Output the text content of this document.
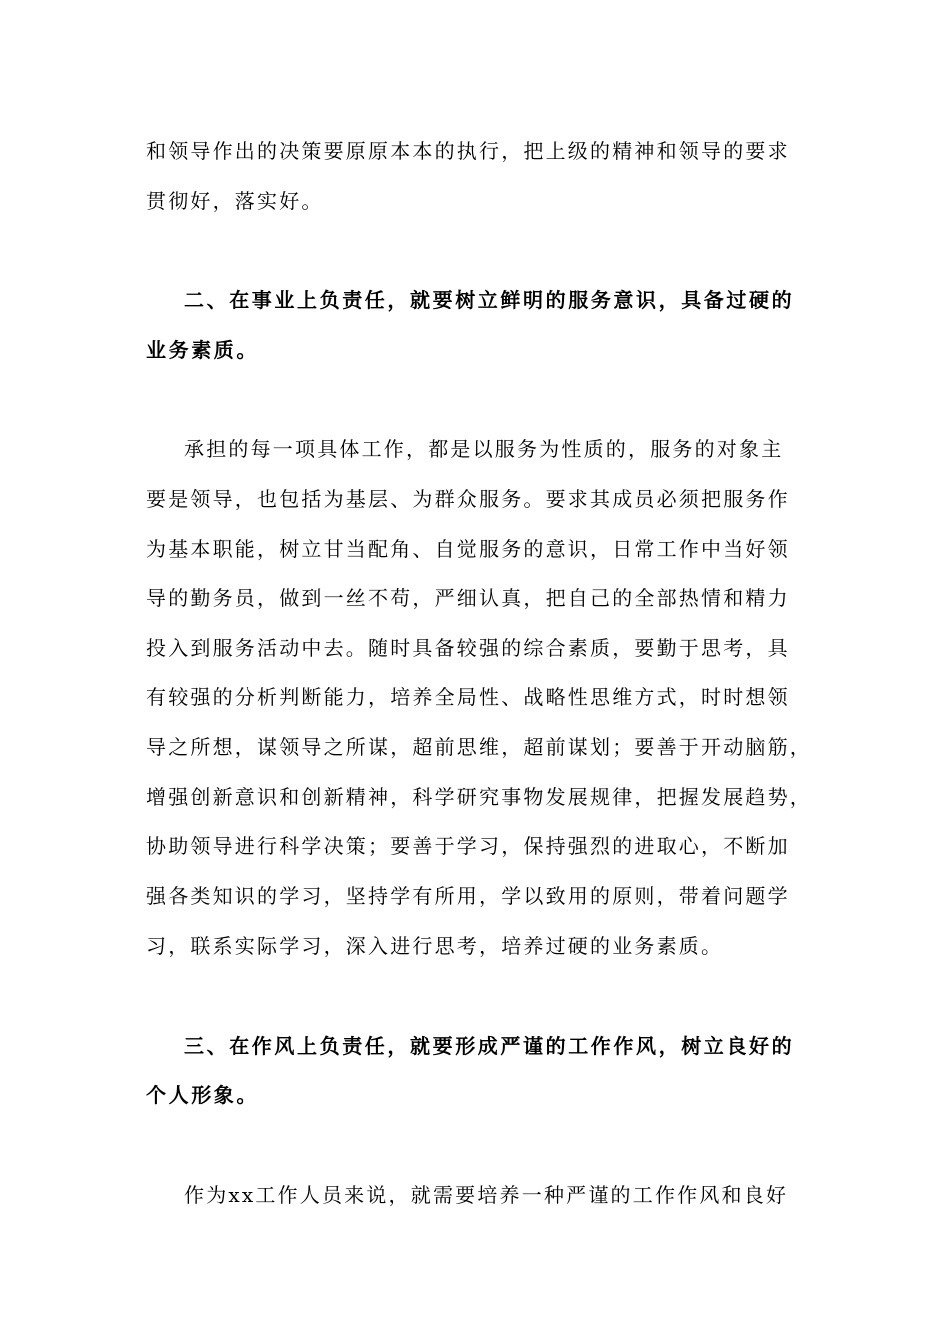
和领导作出的决策要原原本本的执行，把上级的精神和领导的要求

贯彻好，落实好。

二、在事业上负责任，就要树立鲜明的服务意识，具备过硬的

业务素质。

承担的每一项具体工作，都是以服务为性质的，服务的对象主

要是领导，也包括为基层、为群众服务。要求其成员必须把服务作

为基本职能，树立甘当配角、自觉服务的意识，日常工作中当好领

导的勤务员，做到一丝不苟，严细认真，把自己的全部热情和精力

投入到服务活动中去。随时具备较强的综合素质，要勤于思考，具

有较强的分析判断能力，培养全局性、战略性思维方式，时时想领

导之所想，谋领导之所谋，超前思维，超前谋划；要善于开动脑筋，

增强创新意识和创新精神，科学研究事物发展规律，把握发展趋势，

协助领导进行科学决策；要善于学习，保持强烈的进取心，不断加

强各类知识的学习，坚持学有所用，学以致用的原则，带着问题学

习，联系实际学习，深入进行思考，培养过硬的业务素质。

三、在作风上负责任，就要形成严谨的工作作风，树立良好的

个人形象。

作为xx工作人员来说，就需要培养一种严谨的工作作风和良好
